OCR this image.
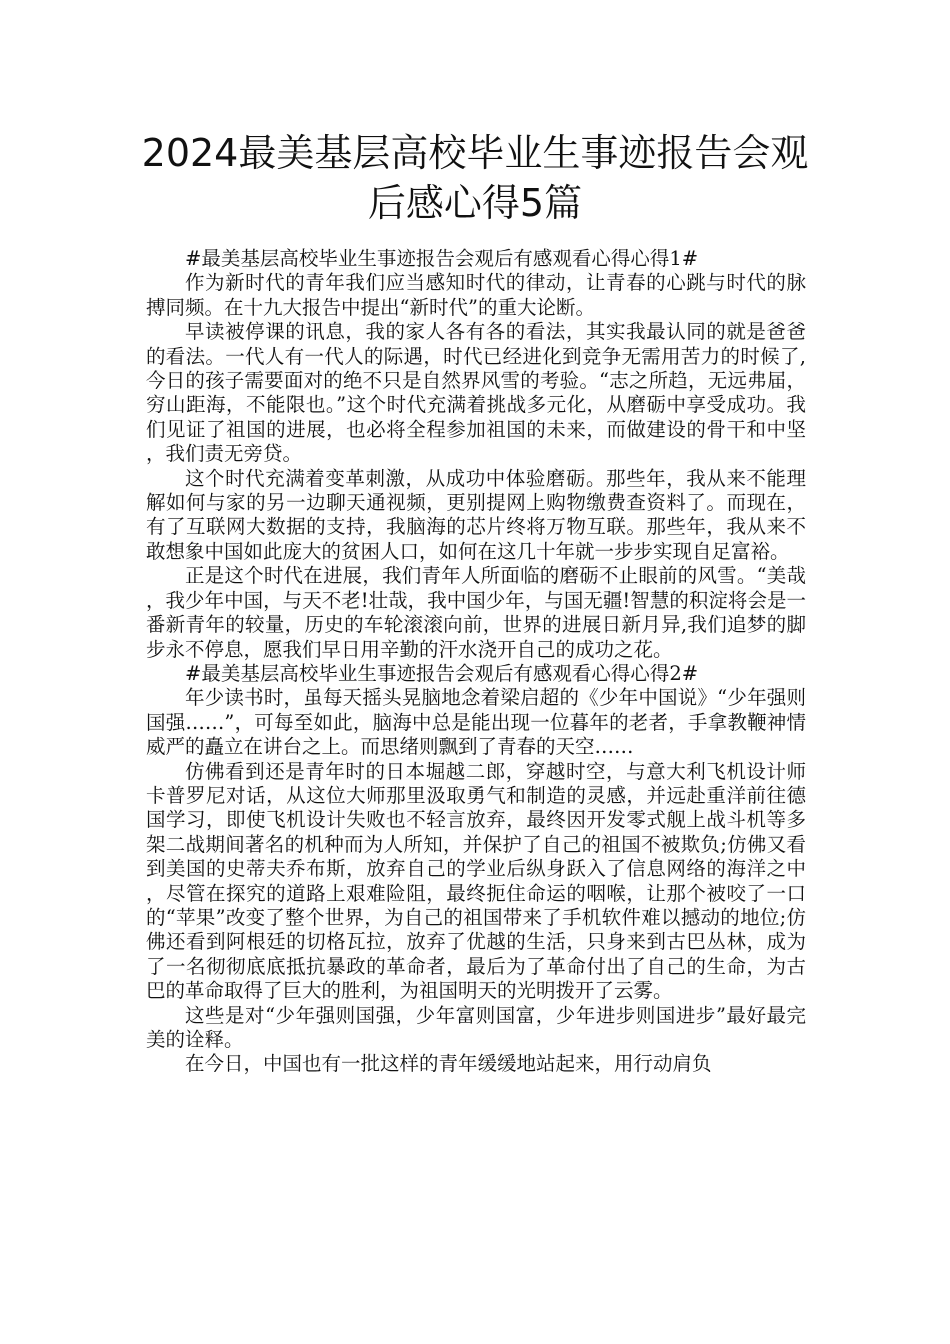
2024最美基层高校毕业生事迹报告会观
后感心得5篇

#最美基层高校毕业生事迹报告会观后有感观看心得心得1#

作为新时代的青年我们应当感知时代的律动，让青春的心跳与时代的脉搏同频。在十九大报告中提出“新时代”的重大论断。

早读被停课的讯息，我的家人各有各的看法，其实我最认同的就是爸爸的看法。一代人有一代人的际遇，时代已经进化到竞争无需用苦力的时候了,今日的孩子需要面对的绝不只是自然界风雪的考验。“志之所趋，无远弗届，穷山距海，不能限也。”这个时代充满着挑战多元化，从磨砺中享受成功。我们见证了祖国的进展，也必将全程参加祖国的未来，而做建设的骨干和中坚，我们责无旁贷。

这个时代充满着变革刺激，从成功中体验磨砺。那些年，我从来不能理解如何与家的另一边聊天通视频，更别提网上购物缴费查资料了。而现在，有了互联网大数据的支持，我脑海的芯片终将万物互联。那些年，我从来不敢想象中国如此庞大的贫困人口，如何在这几十年就一步步实现自足富裕。

正是这个时代在进展，我们青年人所面临的磨砺不止眼前的风雪。“美哉，我少年中国，与天不老!壮哉，我中国少年，与国无疆!智慧的积淀将会是一番新青年的较量，历史的车轮滚滚向前，世界的进展日新月异,我们追梦的脚步永不停息，愿我们早日用辛勤的汗水浇开自己的成功之花。

#最美基层高校毕业生事迹报告会观后有感观看心得心得2#

年少读书时，虽每天摇头晃脑地念着梁启超的《少年中国说》“少年强则国强……”，可每至如此，脑海中总是能出现一位暮年的老者，手拿教鞭神情威严的矗立在讲台之上。而思绪则飘到了青春的天空……

仿佛看到还是青年时的日本堀越二郎，穿越时空，与意大利飞机设计师卡普罗尼对话，从这位大师那里汲取勇气和制造的灵感，并远赴重洋前往德国学习，即使飞机设计失败也不轻言放弃，最终因开发零式舰上战斗机等多架二战期间著名的机种而为人所知，并保护了自己的祖国不被欺负;仿佛又看到美国的史蒂夫乔布斯，放弃自己的学业后纵身跃入了信息网络的海洋之中，尽管在探究的道路上艰难险阻，最终扼住命运的咽喉，让那个被咬了一口的“苹果”改变了整个世界，为自己的祖国带来了手机软件难以撼动的地位;仿佛还看到阿根廷的切格瓦拉，放弃了优越的生活，只身来到古巴丛林，成为了一名彻彻底底抵抗暴政的革命者，最后为了革命付出了自己的生命，为古巴的革命取得了巨大的胜利，为祖国明天的光明拨开了云雾。

这些是对“少年强则国强，少年富则国富，少年进步则国进步”最好最完美的诠释。

在今日，中国也有一批这样的青年缓缓地站起来，用行动肩负
